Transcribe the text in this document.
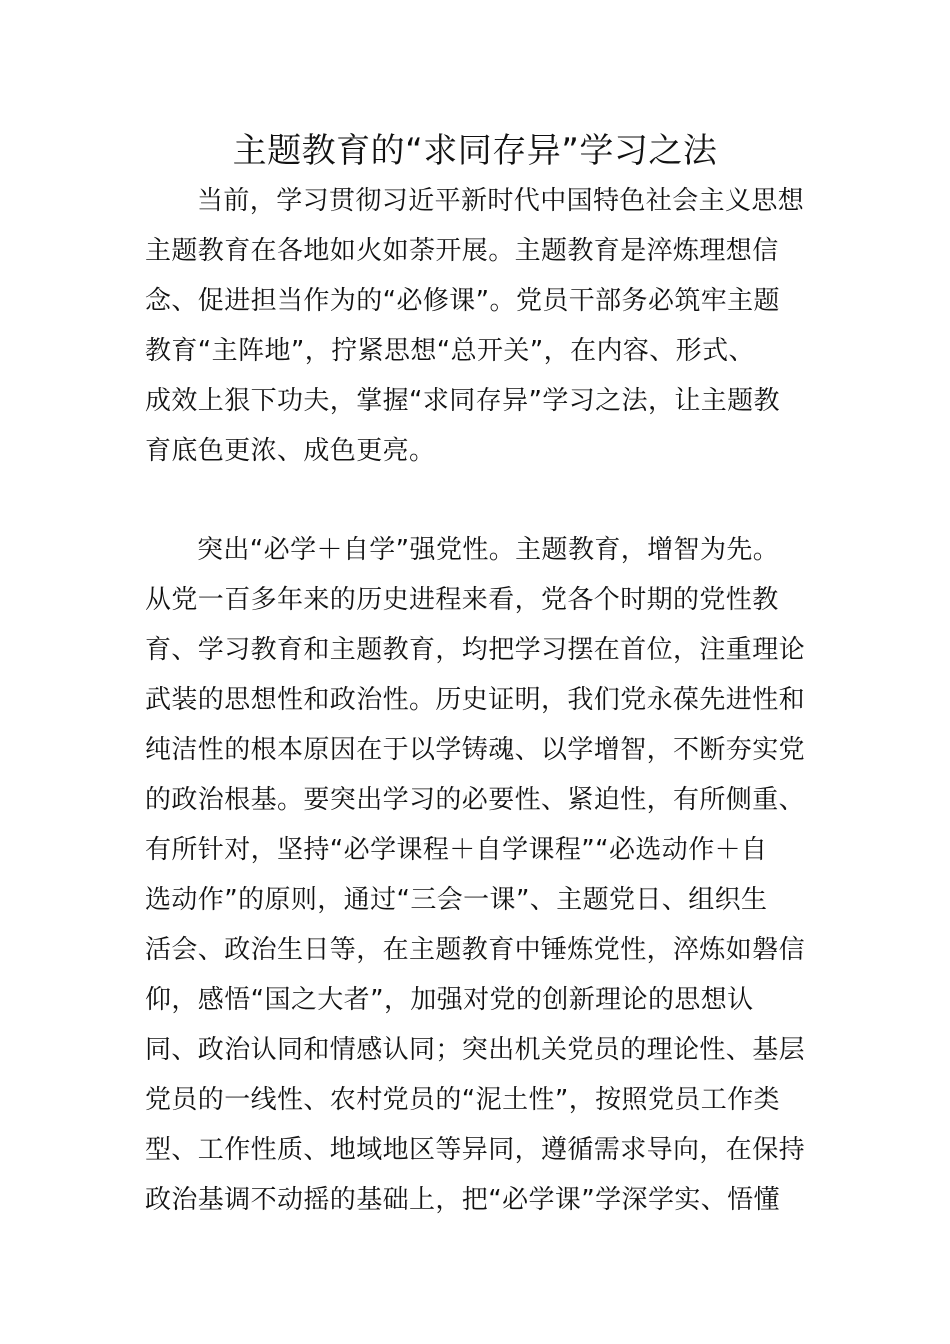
主题教育的“求同存异”学习之法
当前，学习贯彻习近平新时代中国特色社会主义思想
主题教育在各地如火如荼开展。主题教育是淬炼理想信
念、促进担当作为的“必修课”。党员干部务必筑牢主题
教育“主阵地”，拧紧思想“总开关”，在内容、形式、
成效上狠下功夫，掌握“求同存异”学习之法，让主题教
育底色更浓、成色更亮。
突出“必学＋自学”强党性。主题教育，增智为先。
从党一百多年来的历史进程来看，党各个时期的党性教
育、学习教育和主题教育，均把学习摆在首位，注重理论
武装的思想性和政治性。历史证明，我们党永葆先进性和
纯洁性的根本原因在于以学铸魂、以学增智，不断夯实党
的政治根基。要突出学习的必要性、紧迫性，有所侧重、
有所针对，坚持“必学课程＋自学课程”“必选动作＋自
选动作”的原则，通过“三会一课”、主题党日、组织生
活会、政治生日等，在主题教育中锤炼党性，淬炼如磐信
仰，感悟“国之大者”，加强对党的创新理论的思想认
同、政治认同和情感认同；突出机关党员的理论性、基层
党员的一线性、农村党员的“泥土性”，按照党员工作类
型、工作性质、地域地区等异同，遵循需求导向，在保持
政治基调不动摇的基础上，把“必学课”学深学实、悟懂
